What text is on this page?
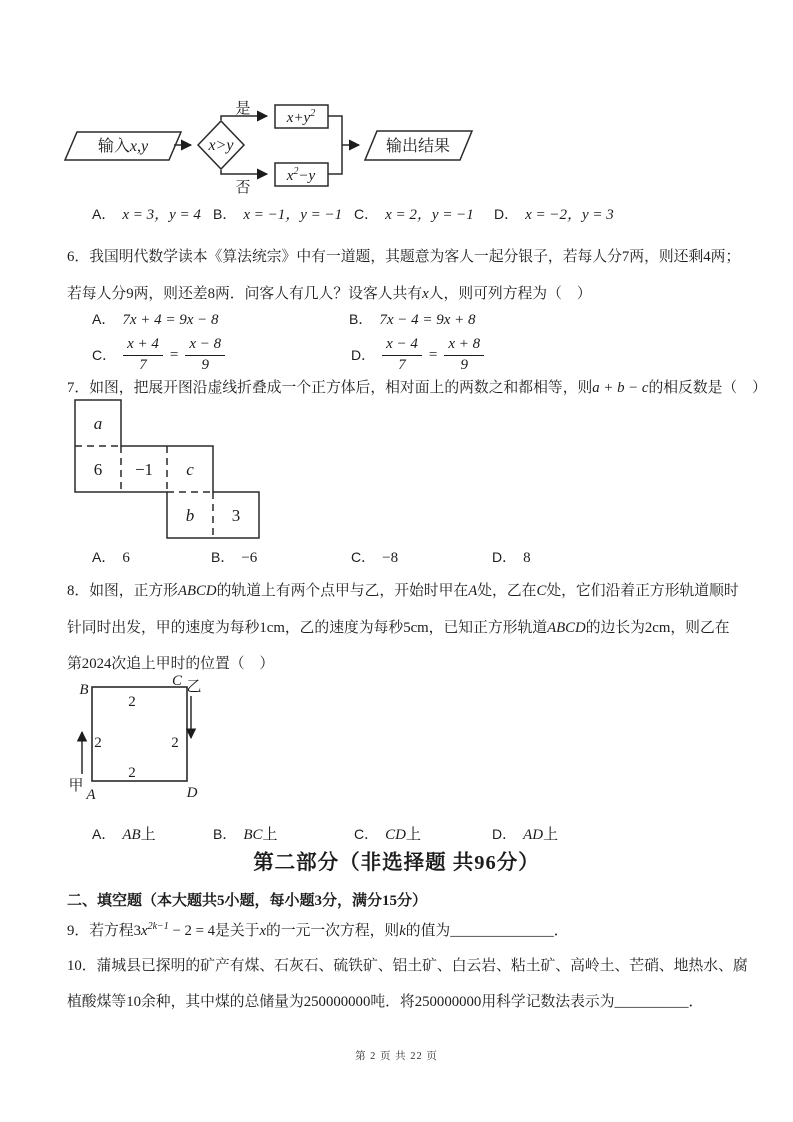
输入x,y	x>y
是
否
$x+y^2$
$x^2-y$
输出结果
A． x = 3，y = 4 B． x = −1，y = −1 C． x = 2，y = −1 D． x = −2，y = 3
6．我国明代数学读本《算法统宗》中有一道题，其题意为客人一起分银子，若每人分7两，则还剩4两；
若每人分9两，则还差8两．问客人有几人？设客人共有x人，则可列方程为（　）
A． 7x + 4 = 9x − 8	B． 7x − 4 = 9x + 8
C． $\frac{x + 4}{7} = \frac{x - 8}{9}$	D． $\frac{x - 4}{7} = \frac{x + 8}{9}$
7．如图，把展开图沿虚线折叠成一个正方体后，相对面上的两数之和都相等，则a + b − c的相反数是（　）
a
6 −1 c
b 3
A． 6	B． −6	C． −8	D． 8
8．如图，正方形ABCD的轨道上有两个点甲与乙，开始时甲在A处，乙在C处，它们沿着正方形轨道顺时
针同时出发，甲的速度为每秒1cm，乙的速度为每秒5cm，已知正方形轨道ABCD的边长为2cm，则乙在
第2024次追上甲时的位置（　）
B
C 乙
甲
A	D
2
2	2
2
A． AB上	B． BC上	C． CD上	D． AD上
第二部分（非选择题 共96分）
二、填空题（本大题共5小题，每小题3分，满分15分）
9．若方程$3x^{2k-1} - 2 = 4$是关于x的一元一次方程，则k的值为______________．
10．蒲城县已探明的矿产有煤、石灰石、硫铁矿、铝土矿、白云岩、粘土矿、高岭土、芒硝、地热水、腐
植酸煤等10余种，其中煤的总储量为250000000吨．将250000000用科学记数法表示为__________．
第 2 页 共 22 页
